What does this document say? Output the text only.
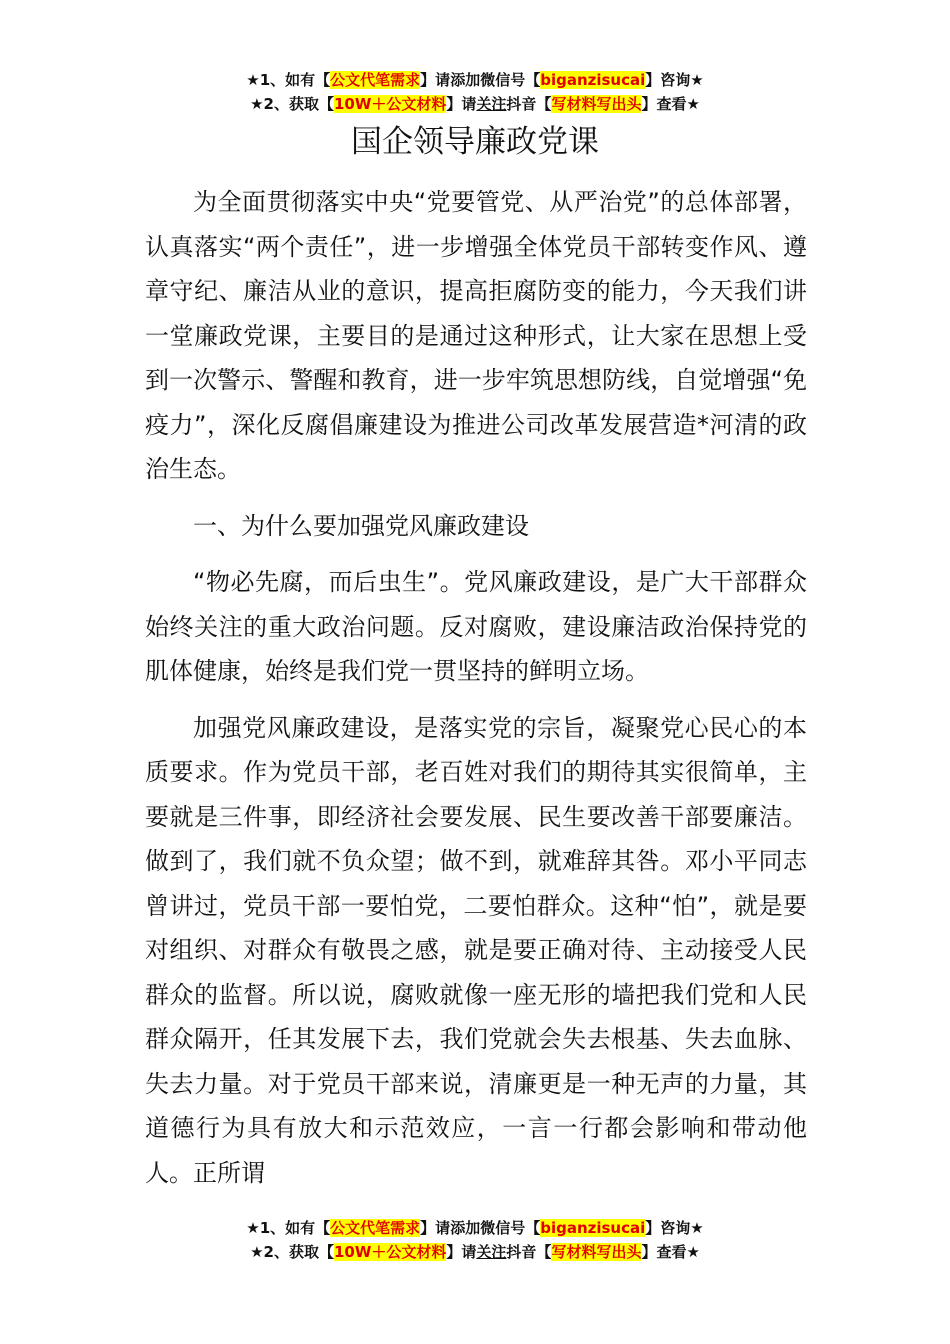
★1、如有【公文代笔需求】请添加微信号【biganzisucai】咨询★
★2、获取【10W＋公文材料】请关注抖音【写材料写出头】查看★
国企领导廉政党课

为全面贯彻落实中央“党要管党、从严治党”的总体部署，认真落实“两个责任”，进一步增强全体党员干部转变作风、遵章守纪、廉洁从业的意识，提高拒腐防变的能力，今天我们讲一堂廉政党课，主要目的是通过这种形式，让大家在思想上受到一次警示、警醒和教育，进一步牢筑思想防线，自觉增强“免疫力”，深化反腐倡廉建设为推进公司改革发展营造*河清的政治生态。

一、为什么要加强党风廉政建设

“物必先腐，而后虫生”。党风廉政建设，是广大干部群众始终关注的重大政治问题。反对腐败，建设廉洁政治保持党的肌体健康，始终是我们党一贯坚持的鲜明立场。

加强党风廉政建设，是落实党的宗旨，凝聚党心民心的本质要求。作为党员干部，老百姓对我们的期待其实很简单，主要就是三件事，即经济社会要发展、民生要改善干部要廉洁。做到了，我们就不负众望；做不到，就难辞其咎。邓小平同志曾讲过，党员干部一要怕党，二要怕群众。这种“怕”，就是要对组织、对群众有敬畏之感，就是要正确对待、主动接受人民群众的监督。所以说，腐败就像一座无形的墙把我们党和人民群众隔开，任其发展下去，我们党就会失去根基、失去血脉、失去力量。对于党员干部来说，清廉更是一种无声的力量，其道德行为具有放大和示范效应，一言一行都会影响和带动他人。正所谓

★1、如有【公文代笔需求】请添加微信号【biganzisucai】咨询★
★2、获取【10W＋公文材料】请关注抖音【写材料写出头】查看★
